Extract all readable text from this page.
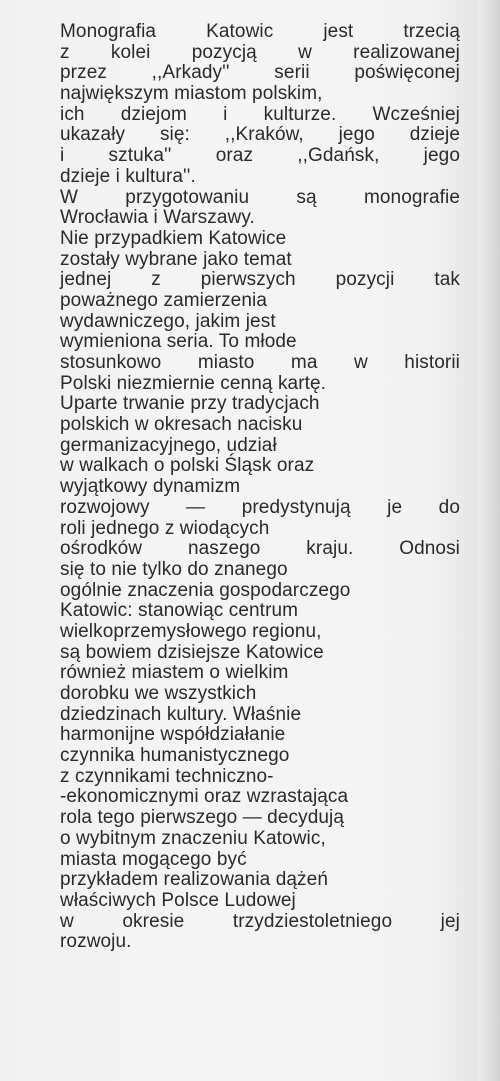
Monografia Katowic jest trzecią
z kolei pozycją w realizowanej
przez ,,Arkady'' serii poświęconej
największym miastom polskim,
ich dziejom i kulturze. Wcześniej
ukazały się: ,,Kraków, jego dzieje
i sztuka'' oraz ,,Gdańsk, jego
dzieje i kultura''.
W przygotowaniu są monografie
Wrocławia i Warszawy.
Nie przypadkiem Katowice
zostały wybrane jako temat
jednej z pierwszych pozycji tak
poważnego zamierzenia
wydawniczego, jakim jest
wymieniona seria. To młode
stosunkowo miasto ma w historii
Polski niezmiernie cenną kartę.
Uparte trwanie przy tradycjach
polskich w okresach nacisku
germanizacyjnego, udział
w walkach o polski Śląsk oraz
wyjątkowy dynamizm
rozwojowy — predystynują je do
roli jednego z wiodących
ośrodków naszego kraju. Odnosi
się to nie tylko do znanego
ogólnie znaczenia gospodarczego
Katowic: stanowiąc centrum
wielkoprzemysłowego regionu,
są bowiem dzisiejsze Katowice
również miastem o wielkim
dorobku we wszystkich
dziedzinach kultury. Właśnie
harmonijne współdziałanie
czynnika humanistycznego
z czynnikami techniczno-
-ekonomicznymi oraz wzrastająca
rola tego pierwszego — decydują
o wybitnym znaczeniu Katowic,
miasta mogącego być
przykładem realizowania dążeń
właściwych Polsce Ludowej
w okresie trzydziestoletniego jej
rozwoju.
